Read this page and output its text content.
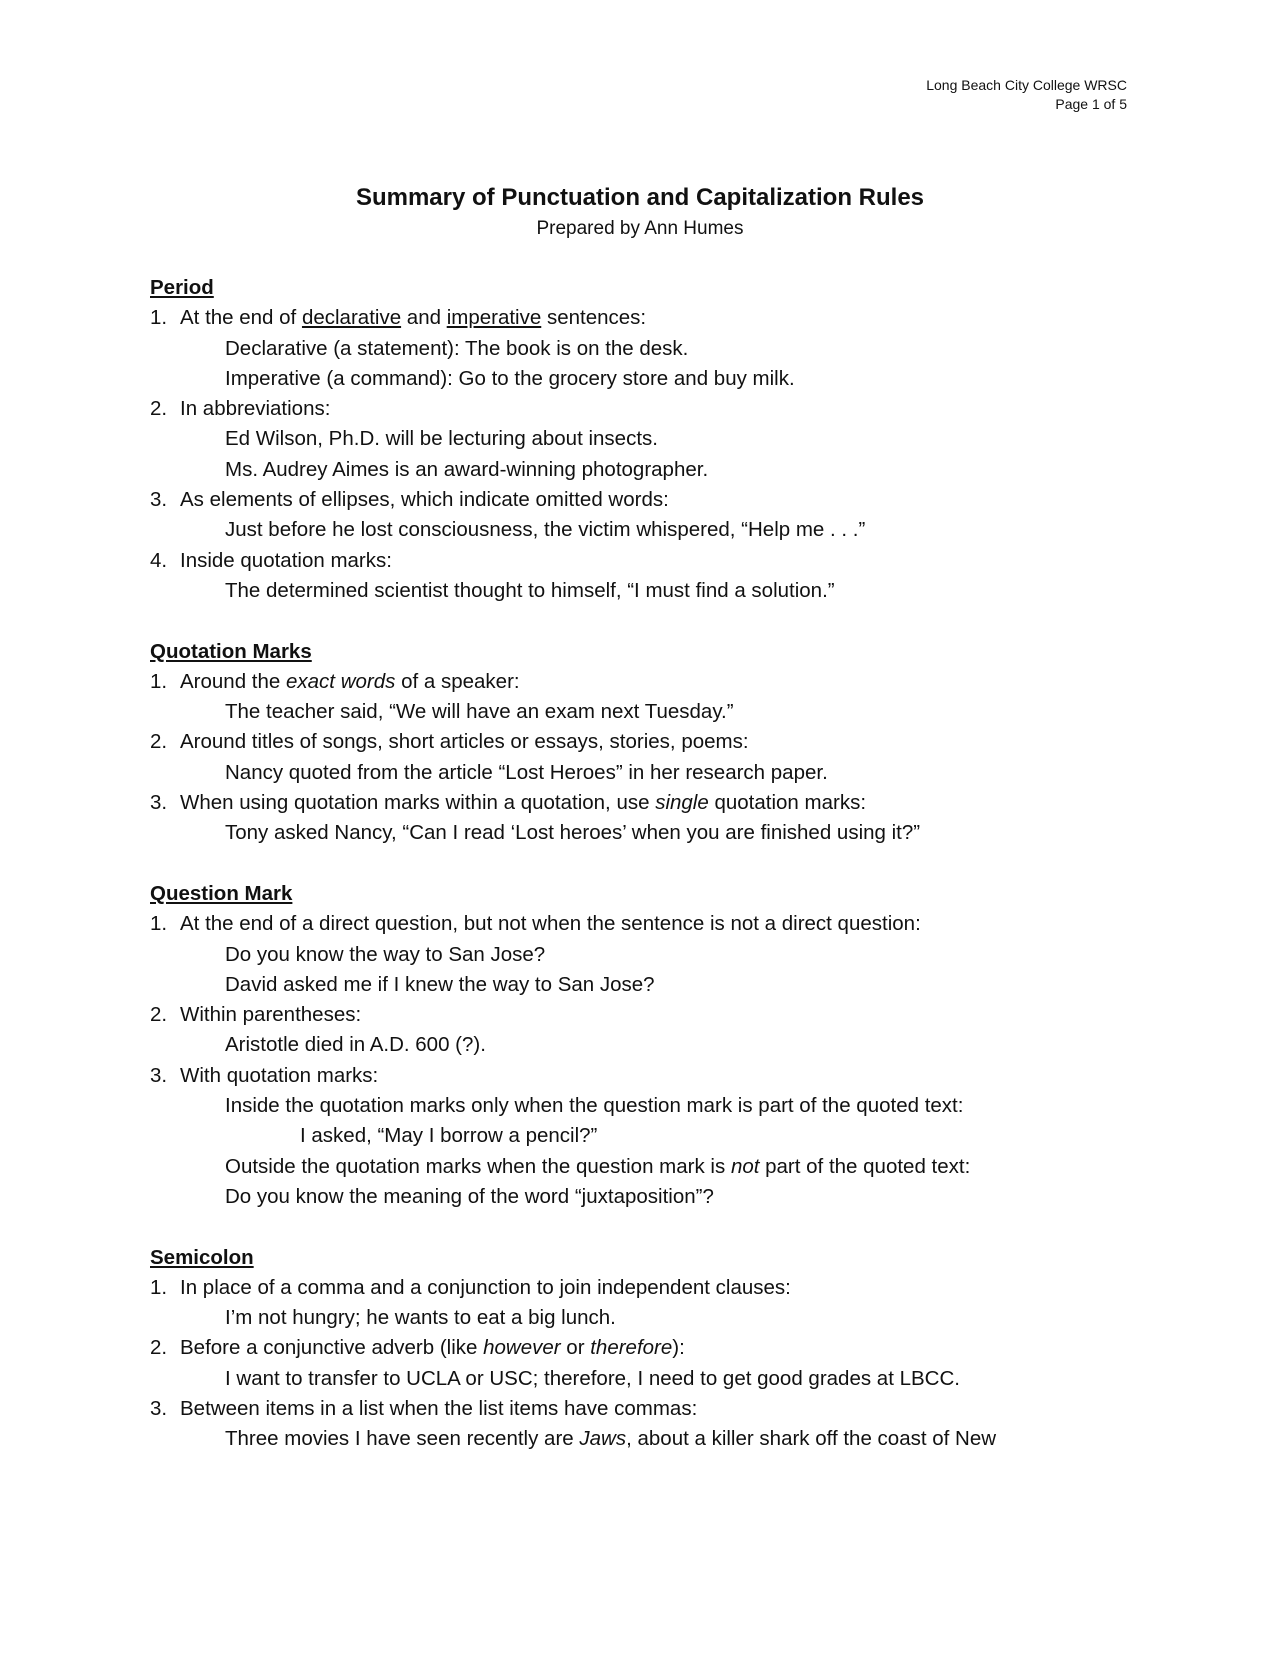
Long Beach City College WRSC
Page 1 of 5
Summary of Punctuation and Capitalization Rules
Prepared by Ann Humes
Period
1. At the end of declarative and imperative sentences:
Declarative (a statement): The book is on the desk.
Imperative (a command): Go to the grocery store and buy milk.
2. In abbreviations:
Ed Wilson, Ph.D. will be lecturing about insects.
Ms. Audrey Aimes is an award-winning photographer.
3. As elements of ellipses, which indicate omitted words:
Just before he lost consciousness, the victim whispered, “Help me . . .”
4. Inside quotation marks:
The determined scientist thought to himself, “I must find a solution.”
Quotation Marks
1. Around the exact words of a speaker:
The teacher said, “We will have an exam next Tuesday.”
2. Around titles of songs, short articles or essays, stories, poems:
Nancy quoted from the article “Lost Heroes” in her research paper.
3. When using quotation marks within a quotation, use single quotation marks:
Tony asked Nancy, “Can I read ‘Lost heroes’ when you are finished using it?”
Question Mark
1. At the end of a direct question, but not when the sentence is not a direct question:
Do you know the way to San Jose?
David asked me if I knew the way to San Jose?
2. Within parentheses:
Aristotle died in A.D. 600 (?).
3. With quotation marks:
Inside the quotation marks only when the question mark is part of the quoted text:
I asked, “May I borrow a pencil?”
Outside the quotation marks when the question mark is not part of the quoted text:
Do you know the meaning of the word “juxtaposition”?
Semicolon
1. In place of a comma and a conjunction to join independent clauses:
I’m not hungry; he wants to eat a big lunch.
2. Before a conjunctive adverb (like however or therefore):
I want to transfer to UCLA or USC; therefore, I need to get good grades at LBCC.
3. Between items in a list when the list items have commas:
Three movies I have seen recently are Jaws, about a killer shark off the coast of New
